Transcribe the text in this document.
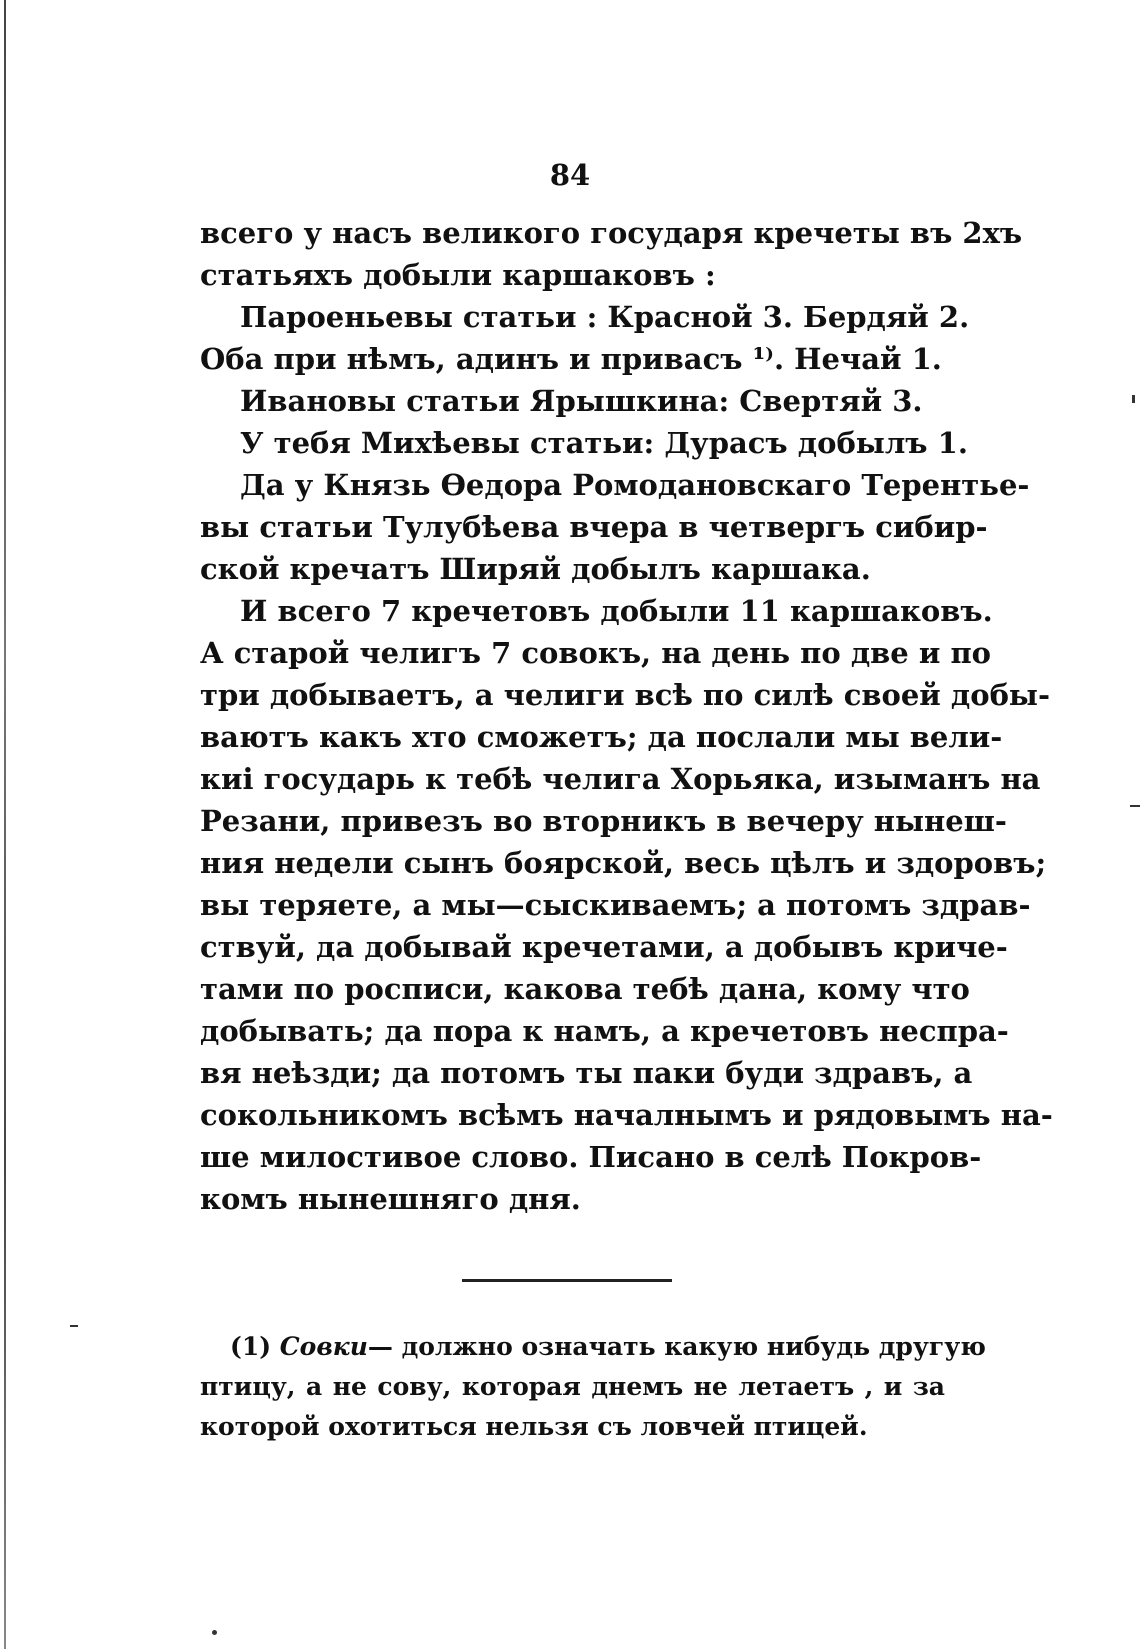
84
всего у насъ великого государя кречеты въ 2хъ
статьяхъ добыли каршаковъ :
Пароеньевы статьи : Красной 3. Бердяй 2.
Оба при нѣмъ, адинъ и привасъ ¹⁾. Нечай 1.
Ивановы статьи Ярышкина: Свертяй 3.
У тебя Михѣевы статьи: Дурасъ добылъ 1.
Да у Князь Өедора Ромодановскаго Терентье-
вы статьи Тулубѣева вчера в четвергъ сибир-
ской кречатъ Ширяй добылъ каршака.
И всего 7 кречетовъ добыли 11 каршаковъ.
А старой челигъ 7 совокъ, на день по две и по
три добываетъ, а челиги всѣ по силѣ своей добы-
ваютъ какъ хто сможетъ; да послали мы вели-
киі государь к тебѣ челига Хорьяка, изыманъ на
Резани, привезъ во вторникъ в вечеру нынеш-
ния недели сынъ боярской, весь цѣлъ и здоровъ;
вы теряете, а мы—сыскиваемъ; а потомъ здрав-
ствуй, да добывай кречетами, а добывъ криче-
тами по росписи, какова тебѣ дана, кому что
добывать; да пора к намъ, а кречетовъ неспра-
вя неѣзди; да потомъ ты паки буди здравъ, а
сокольникомъ всѣмъ началнымъ и рядовымъ на-
ше милостивое слово. Писано в селѣ Покров-
комъ нынешняго дня.
(1) Совки— должно означать какую нибудь другую
птицу, а не сову, которая днемъ не летаетъ , и за
которой охотиться нельзя съ ловчей птицей.
